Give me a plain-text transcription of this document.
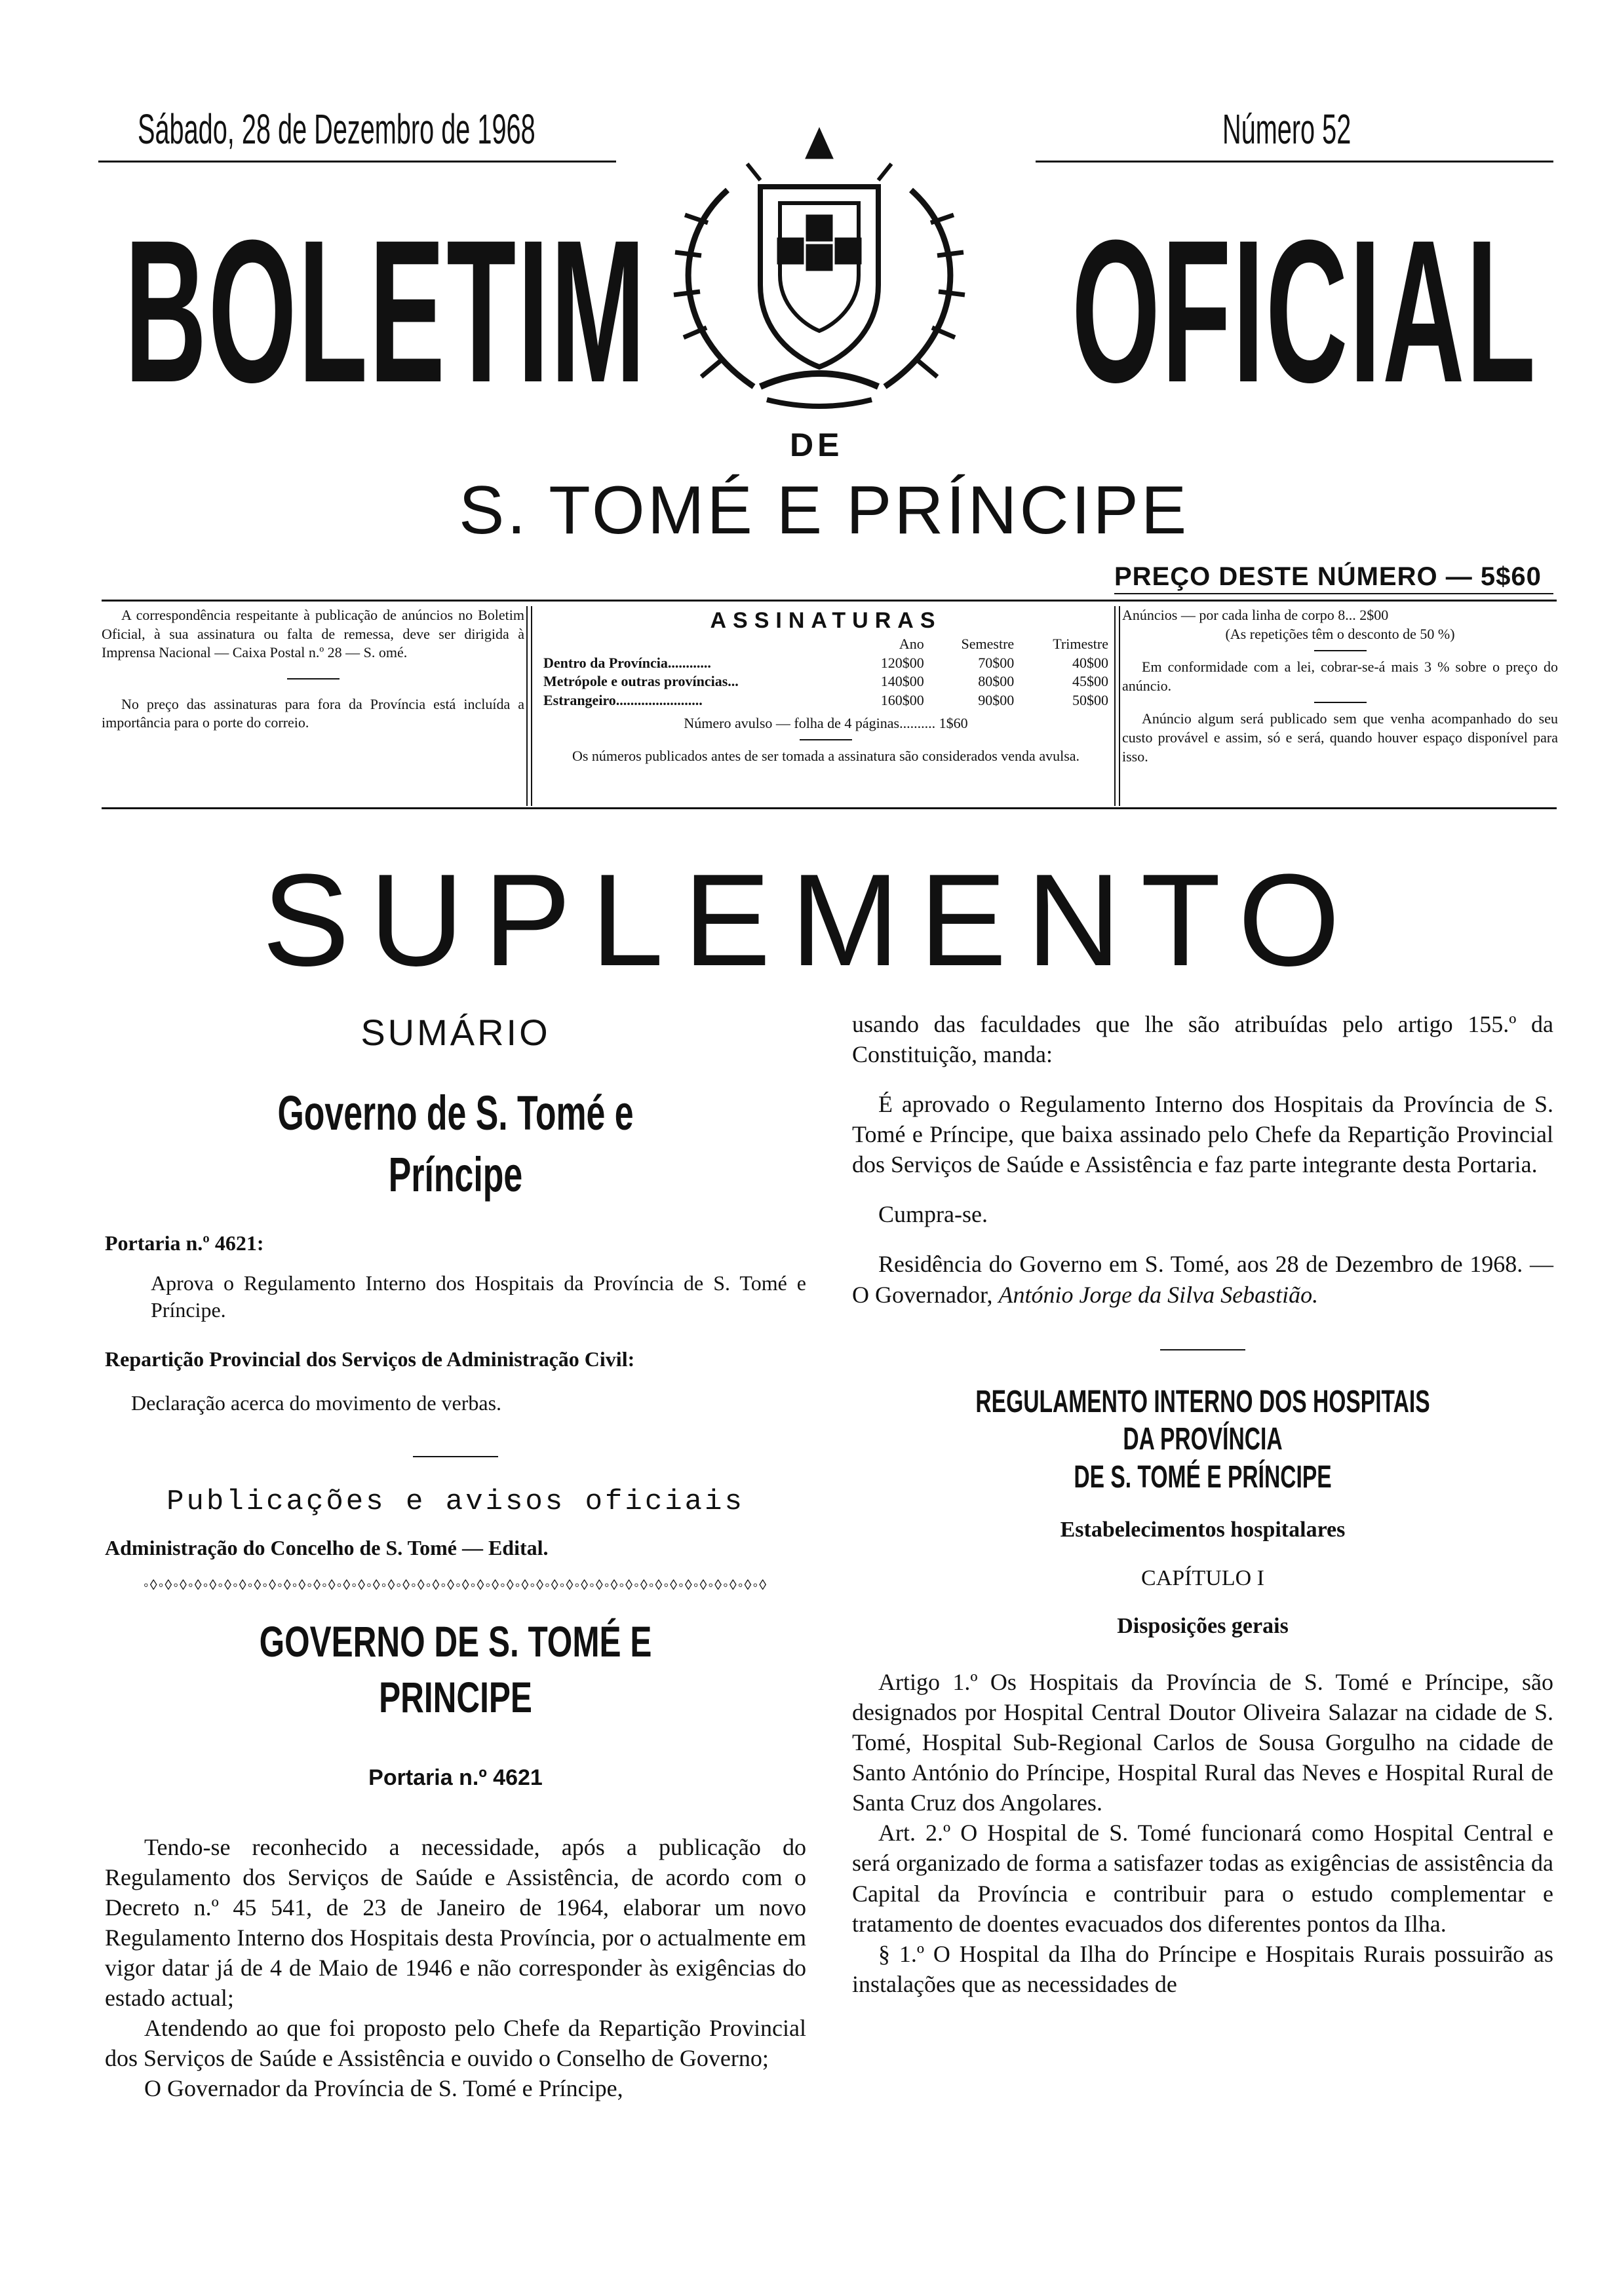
Sábado, 28 de Dezembro de 1968	Número 52
BOLETIM OFICIAL
DE
S. TOMÉ E PRÍNCIPE
PREÇO DESTE NÚMERO — 5$60

A correspondência respeitante à publicação de anúncios no Boletim Oficial, à sua assinatura ou falta de remessa, deve ser dirigida à Imprensa Nacional — Caixa Postal n.º 28 — S. omé.

No preço das assinaturas para fora da Província está incluída a importância para o porte do correio.

ASSINATURAS
	Ano	Semestre	Trimestre
Dentro da Província............	120$00	70$00	40$00
Metrópole e outras províncias...	140$00	80$00	45$00
Estrangeiro........................	160$00	90$00	50$00

Número avulso — folha de 4 páginas.......... 1$60

Os números publicados antes de ser tomada a assinatura são considerados venda avulsa.

Anúncios — por cada linha de corpo 8... 2$00

(As repetições têm o desconto de 50 %)

Em conformidade com a lei, cobrar-se-á mais 3 % sobre o preço do anúncio.

Anúncio algum será publicado sem que venha acompanhado do seu custo provável e assim, só e será, quando houver espaço disponível para isso.

SUPLEMENTO

SUMÁRIO

Governo de S. Tomé e Príncipe

Portaria n.º 4621:

Aprova o Regulamento Interno dos Hospitais da Província de S. Tomé e Príncipe.

Repartição Provincial dos Serviços de Administração Civil:

Declaração acerca do movimento de verbas.

Publicações e avisos oficiais

Administração do Concelho de S. Tomé — Edital.

◦◊◦◊◦◊◦◊◦◊◦◊◦◊◦◊◦◊◦◊◦◊◦◊◦◊◦◊◦◊◦◊◦◊◦◊◦◊◦◊◦◊◦◊◦◊◦◊◦◊◦◊◦◊◦◊◦◊◦◊◦◊◦◊◦◊◦◊◦◊◦◊◦◊◦◊◦◊◦◊◦◊◦◊

GOVERNO DE S. TOMÉ E PRINCIPE

Portaria n.º 4621

Tendo-se reconhecido a necessidade, após a publicação do Regulamento dos Serviços de Saúde e Assistência, de acordo com o Decreto n.º 45 541, de 23 de Janeiro de 1964, elaborar um novo Regulamento Interno dos Hospitais desta Província, por o actualmente em vigor datar já de 4 de Maio de 1946 e não corresponder às exigências do estado actual;

Atendendo ao que foi proposto pelo Chefe da Repartição Provincial dos Serviços de Saúde e Assistência e ouvido o Conselho de Governo;

O Governador da Província de S. Tomé e Príncipe,

usando das faculdades que lhe são atribuídas pelo artigo 155.º da Constituição, manda:

É aprovado o Regulamento Interno dos Hospitais da Província de S. Tomé e Príncipe, que baixa assinado pelo Chefe da Repartição Provincial dos Serviços de Saúde e Assistência e faz parte integrante desta Portaria.

Cumpra-se.

Residência do Governo em S. Tomé, aos 28 de Dezembro de 1968. — O Governador, António Jorge da Silva Sebastião.

REGULAMENTO INTERNO DOS HOSPITAIS DA PROVÍNCIA

DE S. TOMÉ E PRÍNCIPE

Estabelecimentos hospitalares

CAPÍTULO I

Disposições gerais

Artigo 1.º Os Hospitais da Província de S. Tomé e Príncipe, são designados por Hospital Central Doutor Oliveira Salazar na cidade de S. Tomé, Hospital Sub-Regional Carlos de Sousa Gorgulho na cidade de Santo António do Príncipe, Hospital Rural das Neves e Hospital Rural de Santa Cruz dos Angolares.

Art. 2.º O Hospital de S. Tomé funcionará como Hospital Central e será organizado de forma a satisfazer todas as exigências de assistência da Capital da Província e contribuir para o estudo complementar e tratamento de doentes evacuados dos diferentes pontos da Ilha.

§ 1.º O Hospital da Ilha do Príncipe e Hospitais Rurais possuirão as instalações que as necessidades de
